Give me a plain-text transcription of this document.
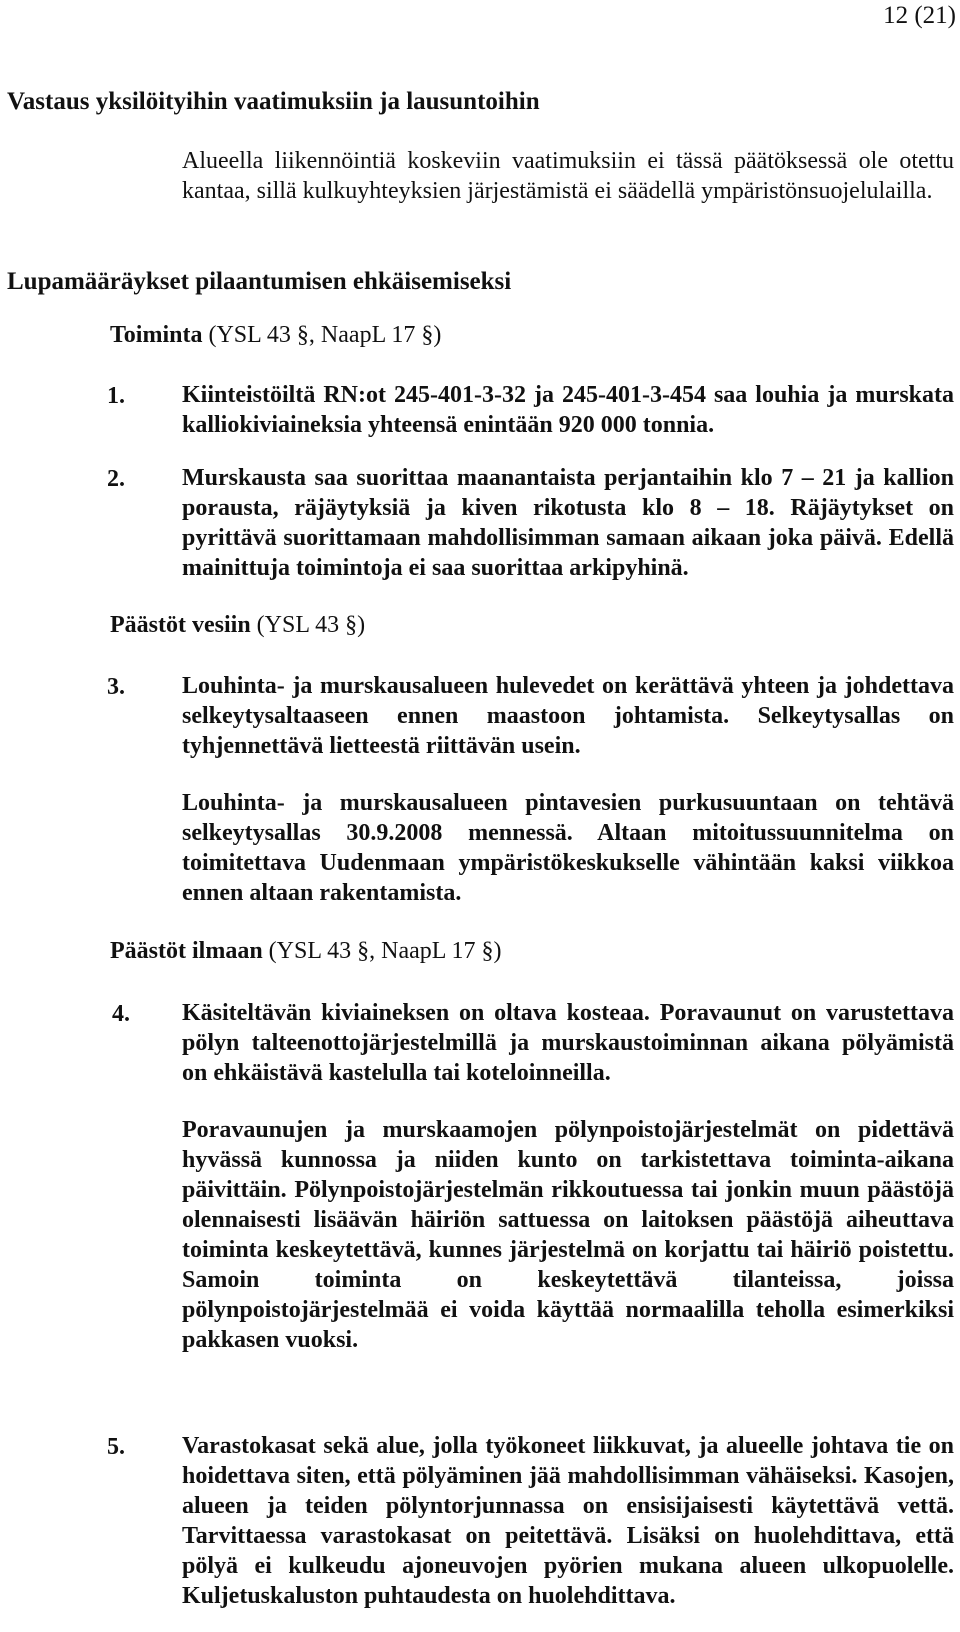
12 (21)
Vastaus yksilöityihin vaatimuksiin ja lausuntoihin
Alueella liikennöintiä koskeviin vaatimuksiin ei tässä päätöksessä ole otettu kantaa, sillä kulkuyhteyksien järjestämistä ei säädellä ympäristönsuojelulailla.
Lupamääräykset pilaantumisen ehkäisemiseksi
Toiminta (YSL 43 §, NaapL 17 §)
1. Kiinteistöiltä RN:ot 245-401-3-32 ja 245-401-3-454 saa louhia ja murskata kalliokiviaineksia yhteensä enintään 920 000 tonnia.
2. Murskausta saa suorittaa maanantaista perjantaihin klo 7 – 21 ja kallion porausta, räjäytyksiä ja kiven rikotusta klo 8 – 18. Räjäytykset on pyrittävä suorittamaan mahdollisimman samaan aikaan joka päivä. Edellä mainittuja toimintoja ei saa suorittaa arkipyhinä.
Päästöt vesiin (YSL 43 §)
3. Louhinta- ja murskausalueen hulevedet on kerättävä yhteen ja johdettava selkeytysaltaaseen ennen maastoon johtamista. Selkeytysallas on tyhjennettävä lietteestä riittävän usein.
Louhinta- ja murskausalueen pintavesien purkusuuntaan on tehtävä selkeytysallas 30.9.2008 mennessä. Altaan mitoitussuunnitelma on toimitettava Uudenmaan ympäristökeskukselle vähintään kaksi viikkoa ennen altaan rakentamista.
Päästöt ilmaan (YSL 43 §, NaapL 17 §)
4. Käsiteltävän kiviaineksen on oltava kosteaa. Poravaunut on varustettava pölyn talteenottojärjestelmillä ja murskaustoiminnan aikana pölyämistä on ehkäistävä kastelulla tai koteloinneilla.
Poravaunujen ja murskaamojen pölynpoistojärjestelmät on pidettävä hyvässä kunnossa ja niiden kunto on tarkistettava toiminta-aikana päivittäin. Pölynpoistojärjestelmän rikkoutuessa tai jonkin muun päästöjä olennaisesti lisäävän häiriön sattuessa on laitoksen päästöjä aiheuttava toiminta keskeytettävä, kunnes järjestelmä on korjattu tai häiriö poistettu. Samoin toiminta on keskeytettävä tilanteissa, joissa pölynpoistojärjestelmää ei voida käyttää normaalilla teholla esimerkiksi pakkasen vuoksi.
5. Varastokasat sekä alue, jolla työkoneet liikkuvat, ja alueelle johtava tie on hoidettava siten, että pölyäminen jää mahdollisimman vähäiseksi. Kasojen, alueen ja teiden pölyntorjunnassa on ensisijaisesti käytettävä vettä. Tarvittaessa varastokasat on peitettävä. Lisäksi on huolehdittava, että pölyä ei kulkeudu ajoneuvojen pyörien mukana alueen ulkopuolelle. Kuljetuskaluston puhtaudesta on huolehdittava.
